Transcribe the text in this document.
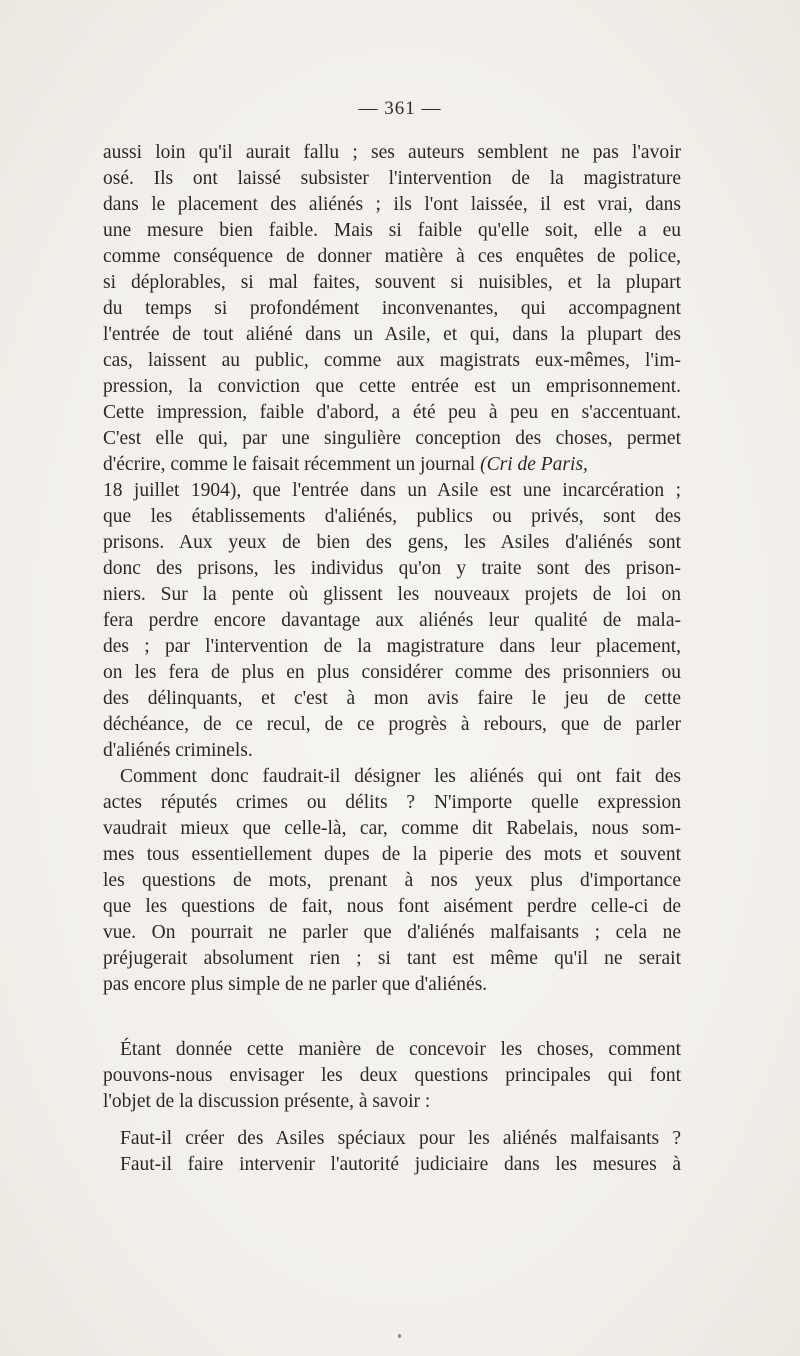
— 361 —
aussi loin qu'il aurait fallu ; ses auteurs semblent ne pas l'avoir
osé. Ils ont laissé subsister l'intervention de la magistrature
dans le placement des aliénés ; ils l'ont laissée, il est vrai, dans
une mesure bien faible. Mais si faible qu'elle soit, elle a eu
comme conséquence de donner matière à ces enquêtes de police,
si déplorables, si mal faites, souvent si nuisibles, et la plupart
du temps si profondément inconvenantes, qui accompagnent
l'entrée de tout aliéné dans un Asile, et qui, dans la plupart des
cas, laissent au public, comme aux magistrats eux-mêmes, l'im-
pression, la conviction que cette entrée est un emprisonnement.
Cette impression, faible d'abord, a été peu à peu en s'accentuant.
C'est elle qui, par une singulière conception des choses, permet
d'écrire, comme le faisait récemment un journal (Cri de Paris,
18 juillet 1904), que l'entrée dans un Asile est une incarcération ;
que les établissements d'aliénés, publics ou privés, sont des
prisons. Aux yeux de bien des gens, les Asiles d'aliénés sont
donc des prisons, les individus qu'on y traite sont des prison-
niers. Sur la pente où glissent les nouveaux projets de loi on
fera perdre encore davantage aux aliénés leur qualité de mala-
des ; par l'intervention de la magistrature dans leur placement,
on les fera de plus en plus considérer comme des prisonniers ou
des délinquants, et c'est à mon avis faire le jeu de cette
déchéance, de ce recul, de ce progrès à rebours, que de parler
d'aliénés criminels.
Comment donc faudrait-il désigner les aliénés qui ont fait des
actes réputés crimes ou délits ? N'importe quelle expression
vaudrait mieux que celle-là, car, comme dit Rabelais, nous som-
mes tous essentiellement dupes de la piperie des mots et souvent
les questions de mots, prenant à nos yeux plus d'importance
que les questions de fait, nous font aisément perdre celle-ci de
vue. On pourrait ne parler que d'aliénés malfaisants ; cela ne
préjugerait absolument rien ; si tant est même qu'il ne serait
pas encore plus simple de ne parler que d'aliénés.
Étant donnée cette manière de concevoir les choses, comment
pouvons-nous envisager les deux questions principales qui font
l'objet de la discussion présente, à savoir :
Faut-il créer des Asiles spéciaux pour les aliénés malfaisants ?
Faut-il faire intervenir l'autorité judiciaire dans les mesures à
